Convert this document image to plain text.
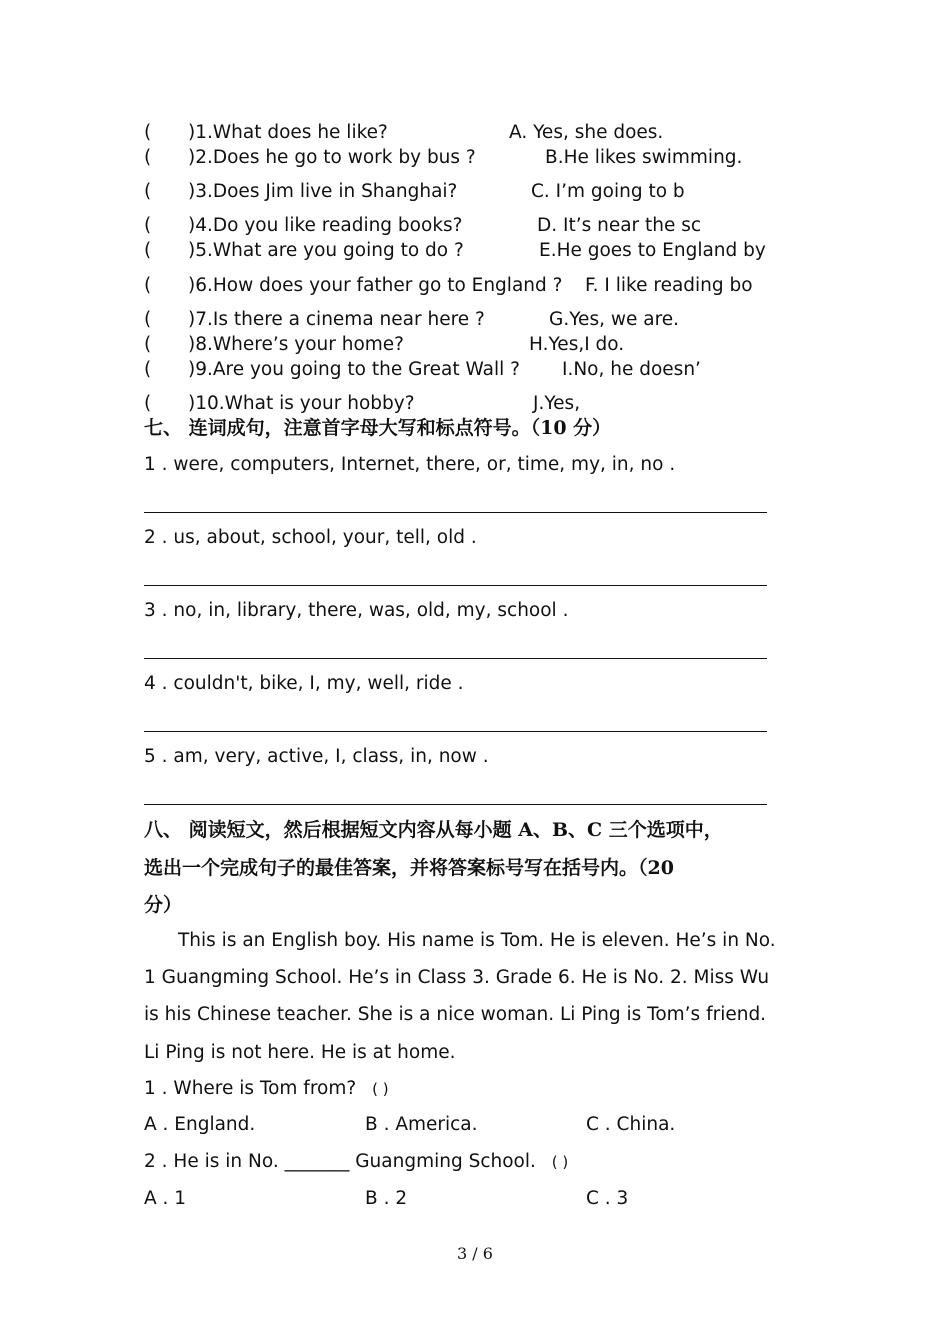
( )1.What does he like?	A. Yes, she does.
( )2.Does he go to work by bus ?	B.He likes swimming.
( )3.Does Jim live in Shanghai?	C. I’m going to b
( )4.Do you like reading books?	D. It’s near the sc
( )5.What are you going to do ?	E.He goes to England by
( )6.How does your father go to England ? F. I like reading bo
( )7.Is there a cinema near here ?	G.Yes, we are.
( )8.Where’s your home?	H.Yes,I do.
( )9.Are you going to the Great Wall ? I.No, he doesn’
( )10.What is your hobby?	J.Yes,
七、 连词成句，注意首字母大写和标点符号。（10 分）
1 . were, computers, Internet, there, or, time, my, in, no .
2 . us, about, school, your, tell, old .
3 . no, in, library, there, was, old, my, school .
4 . couldn't, bike, I, my, well, ride .
5 . am, very, active, I, class, in, now .
八、 阅读短文，然后根据短文内容从每小题 A、B、C 三个选项中，
选出一个完成句子的最佳答案，并将答案标号写在括号内。（20
分）
This is an English boy. His name is Tom. He is eleven. He’s in No.
1 Guangming School. He’s in Class 3. Grade 6. He is No. 2. Miss Wu
is his Chinese teacher. She is a nice woman. Li Ping is Tom’s friend.
Li Ping is not here. He is at home.
1 . Where is Tom from? ( )
A . England.	B . America.	C . China.
2 . He is in No. _______ Guangming School. ( )
A . 1	B . 2	C . 3
3 / 6
